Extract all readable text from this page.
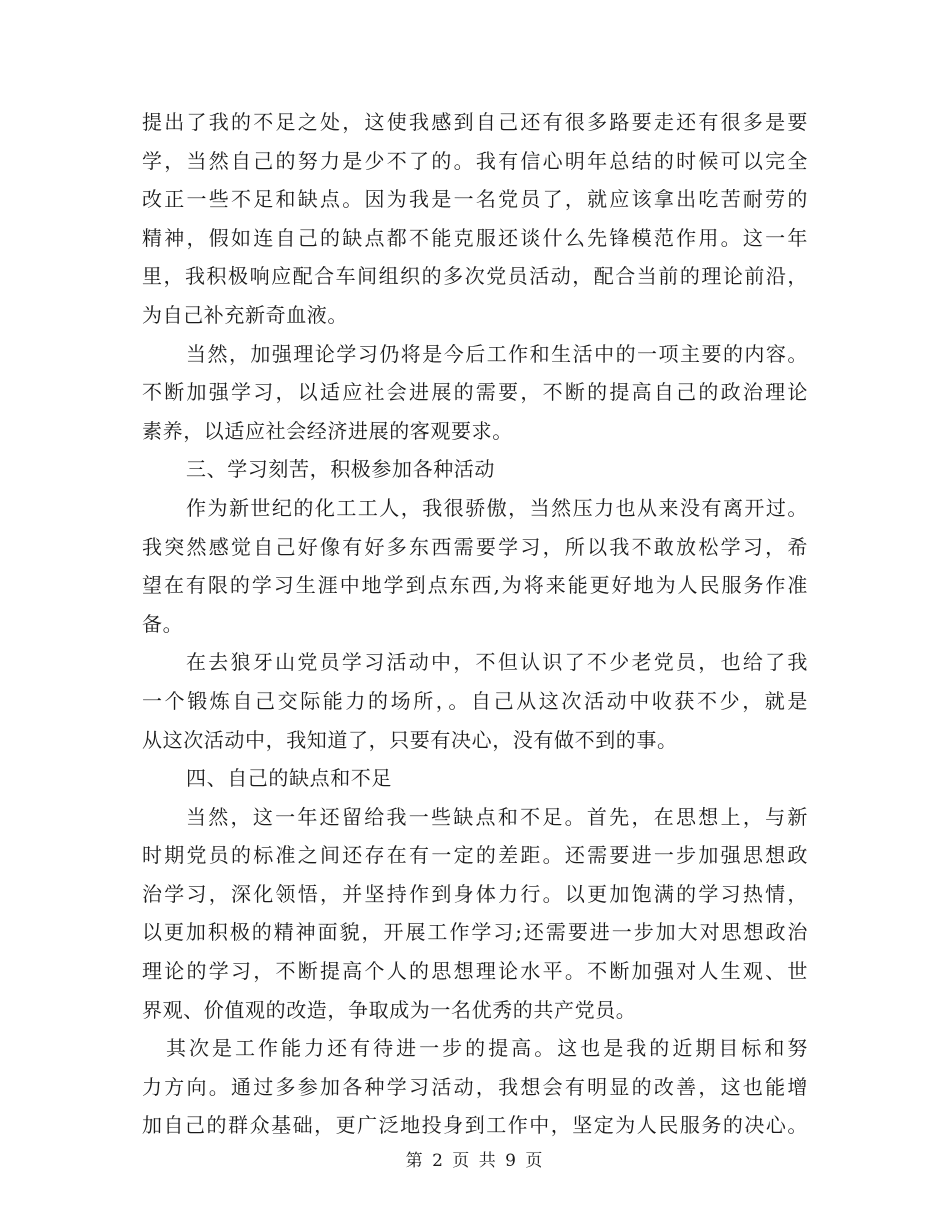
提出了我的不足之处，这使我感到自己还有很多路要走还有很多是要
学，当然自己的努力是少不了的。我有信心明年总结的时候可以完全
改正一些不足和缺点。因为我是一名党员了，就应该拿出吃苦耐劳的
精神，假如连自己的缺点都不能克服还谈什么先锋模范作用。这一年
里，我积极响应配合车间组织的多次党员活动，配合当前的理论前沿，
为自己补充新奇血液。
当然，加强理论学习仍将是今后工作和生活中的一项主要的内容。
不断加强学习，以适应社会进展的需要，不断的提高自己的政治理论
素养，以适应社会经济进展的客观要求。
三、学习刻苦，积极参加各种活动
作为新世纪的化工工人，我很骄傲，当然压力也从来没有离开过。
我突然感觉自己好像有好多东西需要学习，所以我不敢放松学习，希
望在有限的学习生涯中地学到点东西,为将来能更好地为人民服务作准
备。
在去狼牙山党员学习活动中，不但认识了不少老党员，也给了我
一个锻炼自己交际能力的场所，。自己从这次活动中收获不少，就是
从这次活动中，我知道了，只要有决心，没有做不到的事。
四、自己的缺点和不足
当然，这一年还留给我一些缺点和不足。首先，在思想上，与新
时期党员的标准之间还存在有一定的差距。还需要进一步加强思想政
治学习，深化领悟，并坚持作到身体力行。以更加饱满的学习热情，
以更加积极的精神面貌，开展工作学习;还需要进一步加大对思想政治
理论的学习，不断提高个人的思想理论水平。不断加强对人生观、世
界观、价值观的改造，争取成为一名优秀的共产党员。
其次是工作能力还有待进一步的提高。这也是我的近期目标和努
力方向。通过多参加各种学习活动，我想会有明显的改善，这也能增
加自己的群众基础，更广泛地投身到工作中，坚定为人民服务的决心。
第 2 页 共 9 页
